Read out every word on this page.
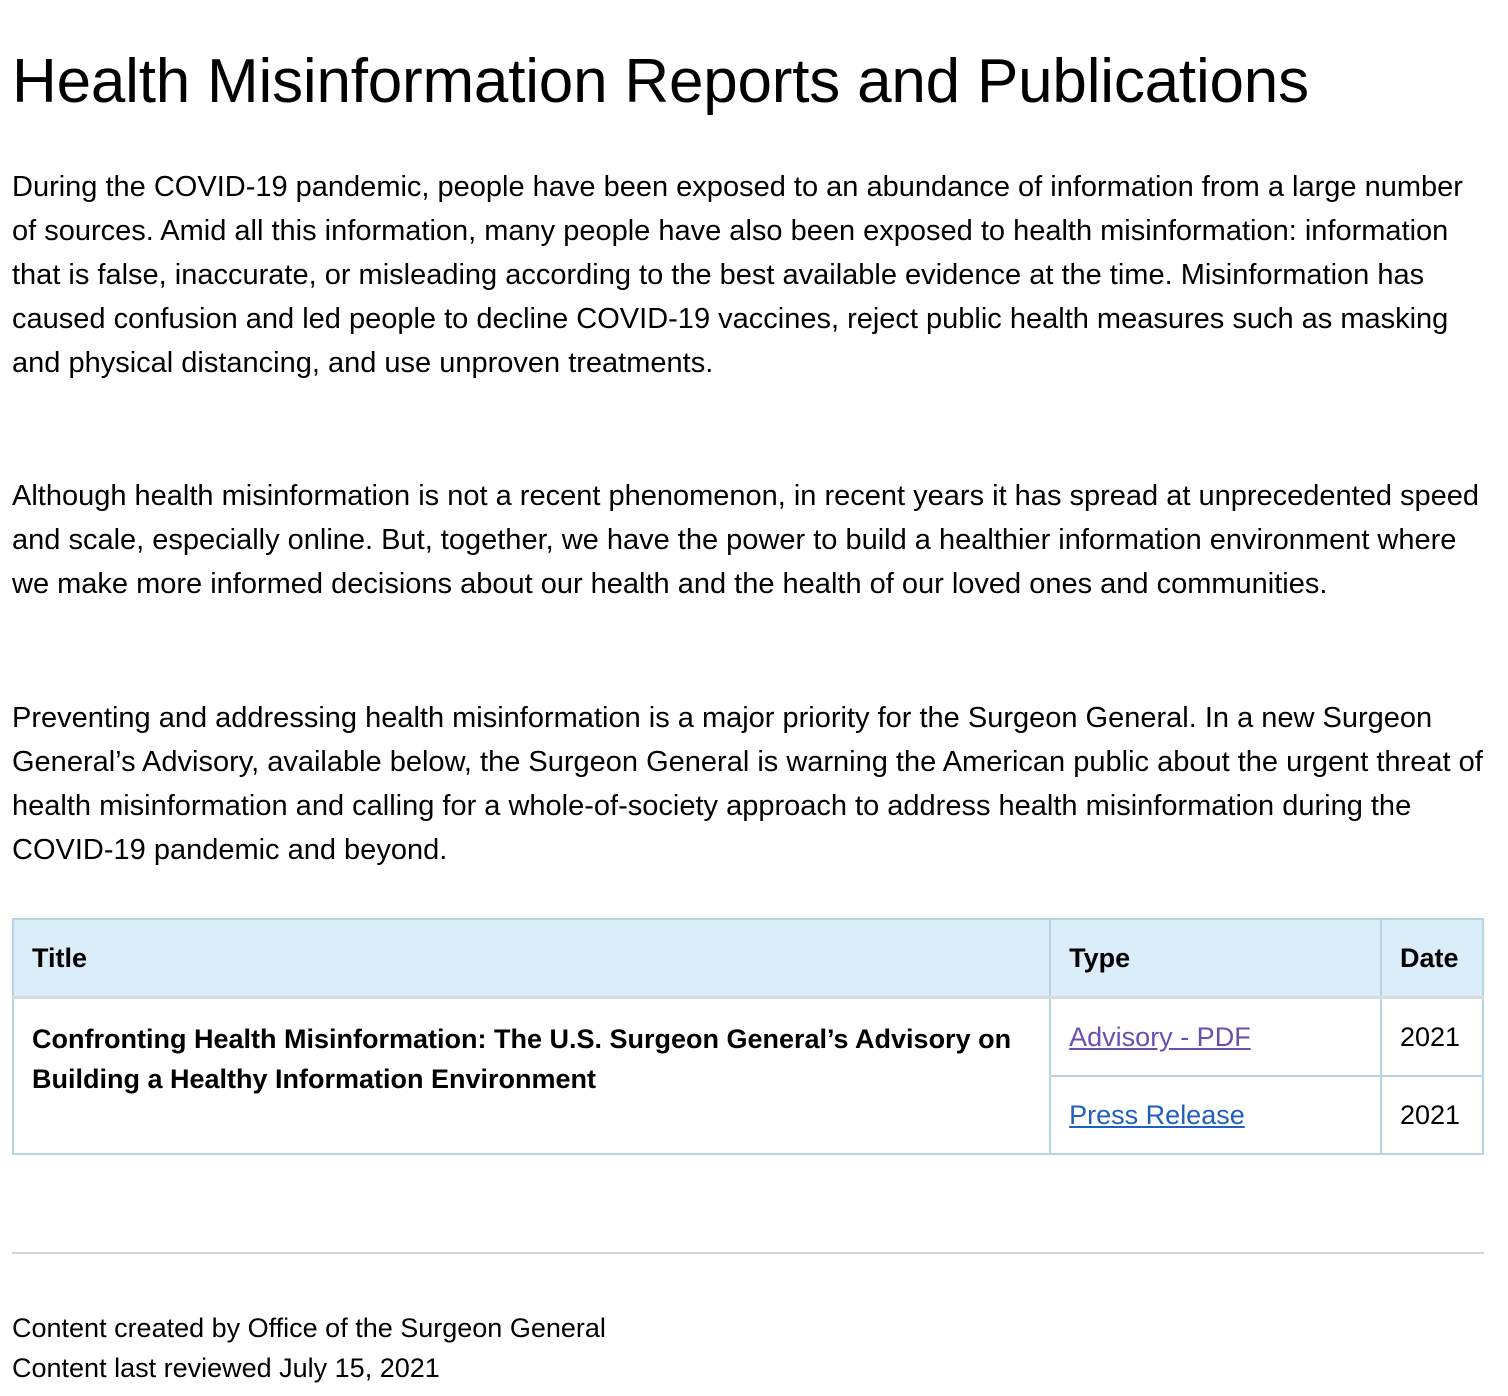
Health Misinformation Reports and Publications

During the COVID-19 pandemic, people have been exposed to an abundance of information from a large number of sources. Amid all this information, many people have also been exposed to health misinformation: information that is false, inaccurate, or misleading according to the best available evidence at the time. Misinformation has caused confusion and led people to decline COVID-19 vaccines, reject public health measures such as masking and physical distancing, and use unproven treatments.

Although health misinformation is not a recent phenomenon, in recent years it has spread at unprecedented speed and scale, especially online. But, together, we have the power to build a healthier information environment where we make more informed decisions about our health and the health of our loved ones and communities.

Preventing and addressing health misinformation is a major priority for the Surgeon General. In a new Surgeon General’s Advisory, available below, the Surgeon General is warning the American public about the urgent threat of health misinformation and calling for a whole-of-society approach to address health misinformation during the COVID-19 pandemic and beyond.

Title	Type	Date
Confronting Health Misinformation: The U.S. Surgeon General’s Advisory on Building a Healthy Information Environment	Advisory - PDF	2021
	Press Release	2021
Content created by Office of the Surgeon General
Content last reviewed July 15, 2021
